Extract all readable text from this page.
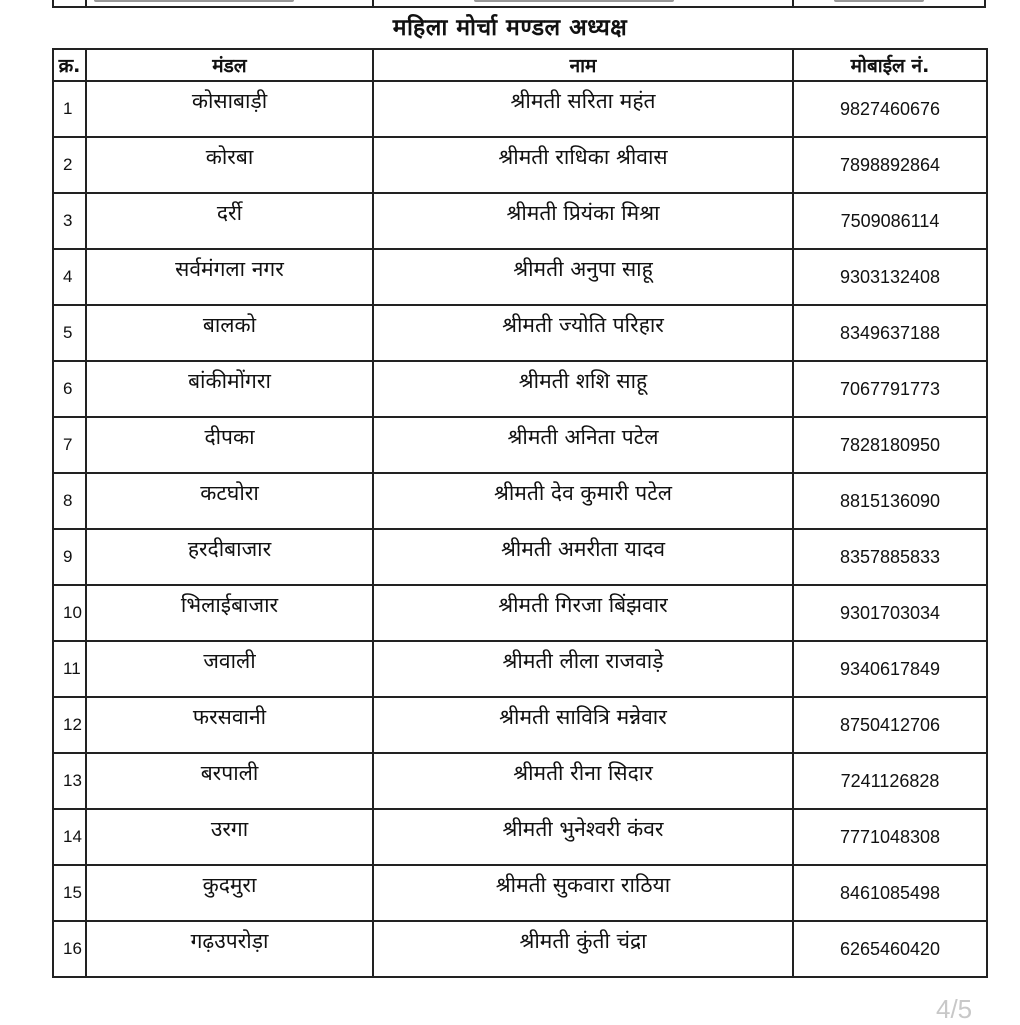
महिला मोर्चा मण्डल अध्यक्ष
क्र.	मंडल	नाम	मोबाईल नं.
1	कोसाबाड़ी	श्रीमती सरिता महंत	9827460676
2	कोरबा	श्रीमती राधिका श्रीवास	7898892864
3	दर्री	श्रीमती प्रियंका मिश्रा	7509086114
4	सर्वमंगला नगर	श्रीमती अनुपा साहू	9303132408
5	बालको	श्रीमती ज्योति परिहार	8349637188
6	बांकीमोंगरा	श्रीमती शशि साहू	7067791773
7	दीपका	श्रीमती अनिता पटेल	7828180950
8	कटघोरा	श्रीमती देव कुमारी पटेल	8815136090
9	हरदीबाजार	श्रीमती अमरीता यादव	8357885833
10	भिलाईबाजार	श्रीमती गिरजा बिंझवार	9301703034
11	जवाली	श्रीमती लीला राजवाड़े	9340617849
12	फरसवानी	श्रीमती सावित्रि मन्नेवार	8750412706
13	बरपाली	श्रीमती रीना सिदार	7241126828
14	उरगा	श्रीमती भुनेश्वरी कंवर	7771048308
15	कुदमुरा	श्रीमती सुकवारा राठिया	8461085498
16	गढ़उपरोड़ा	श्रीमती कुंती चंद्रा	6265460420
4/5
